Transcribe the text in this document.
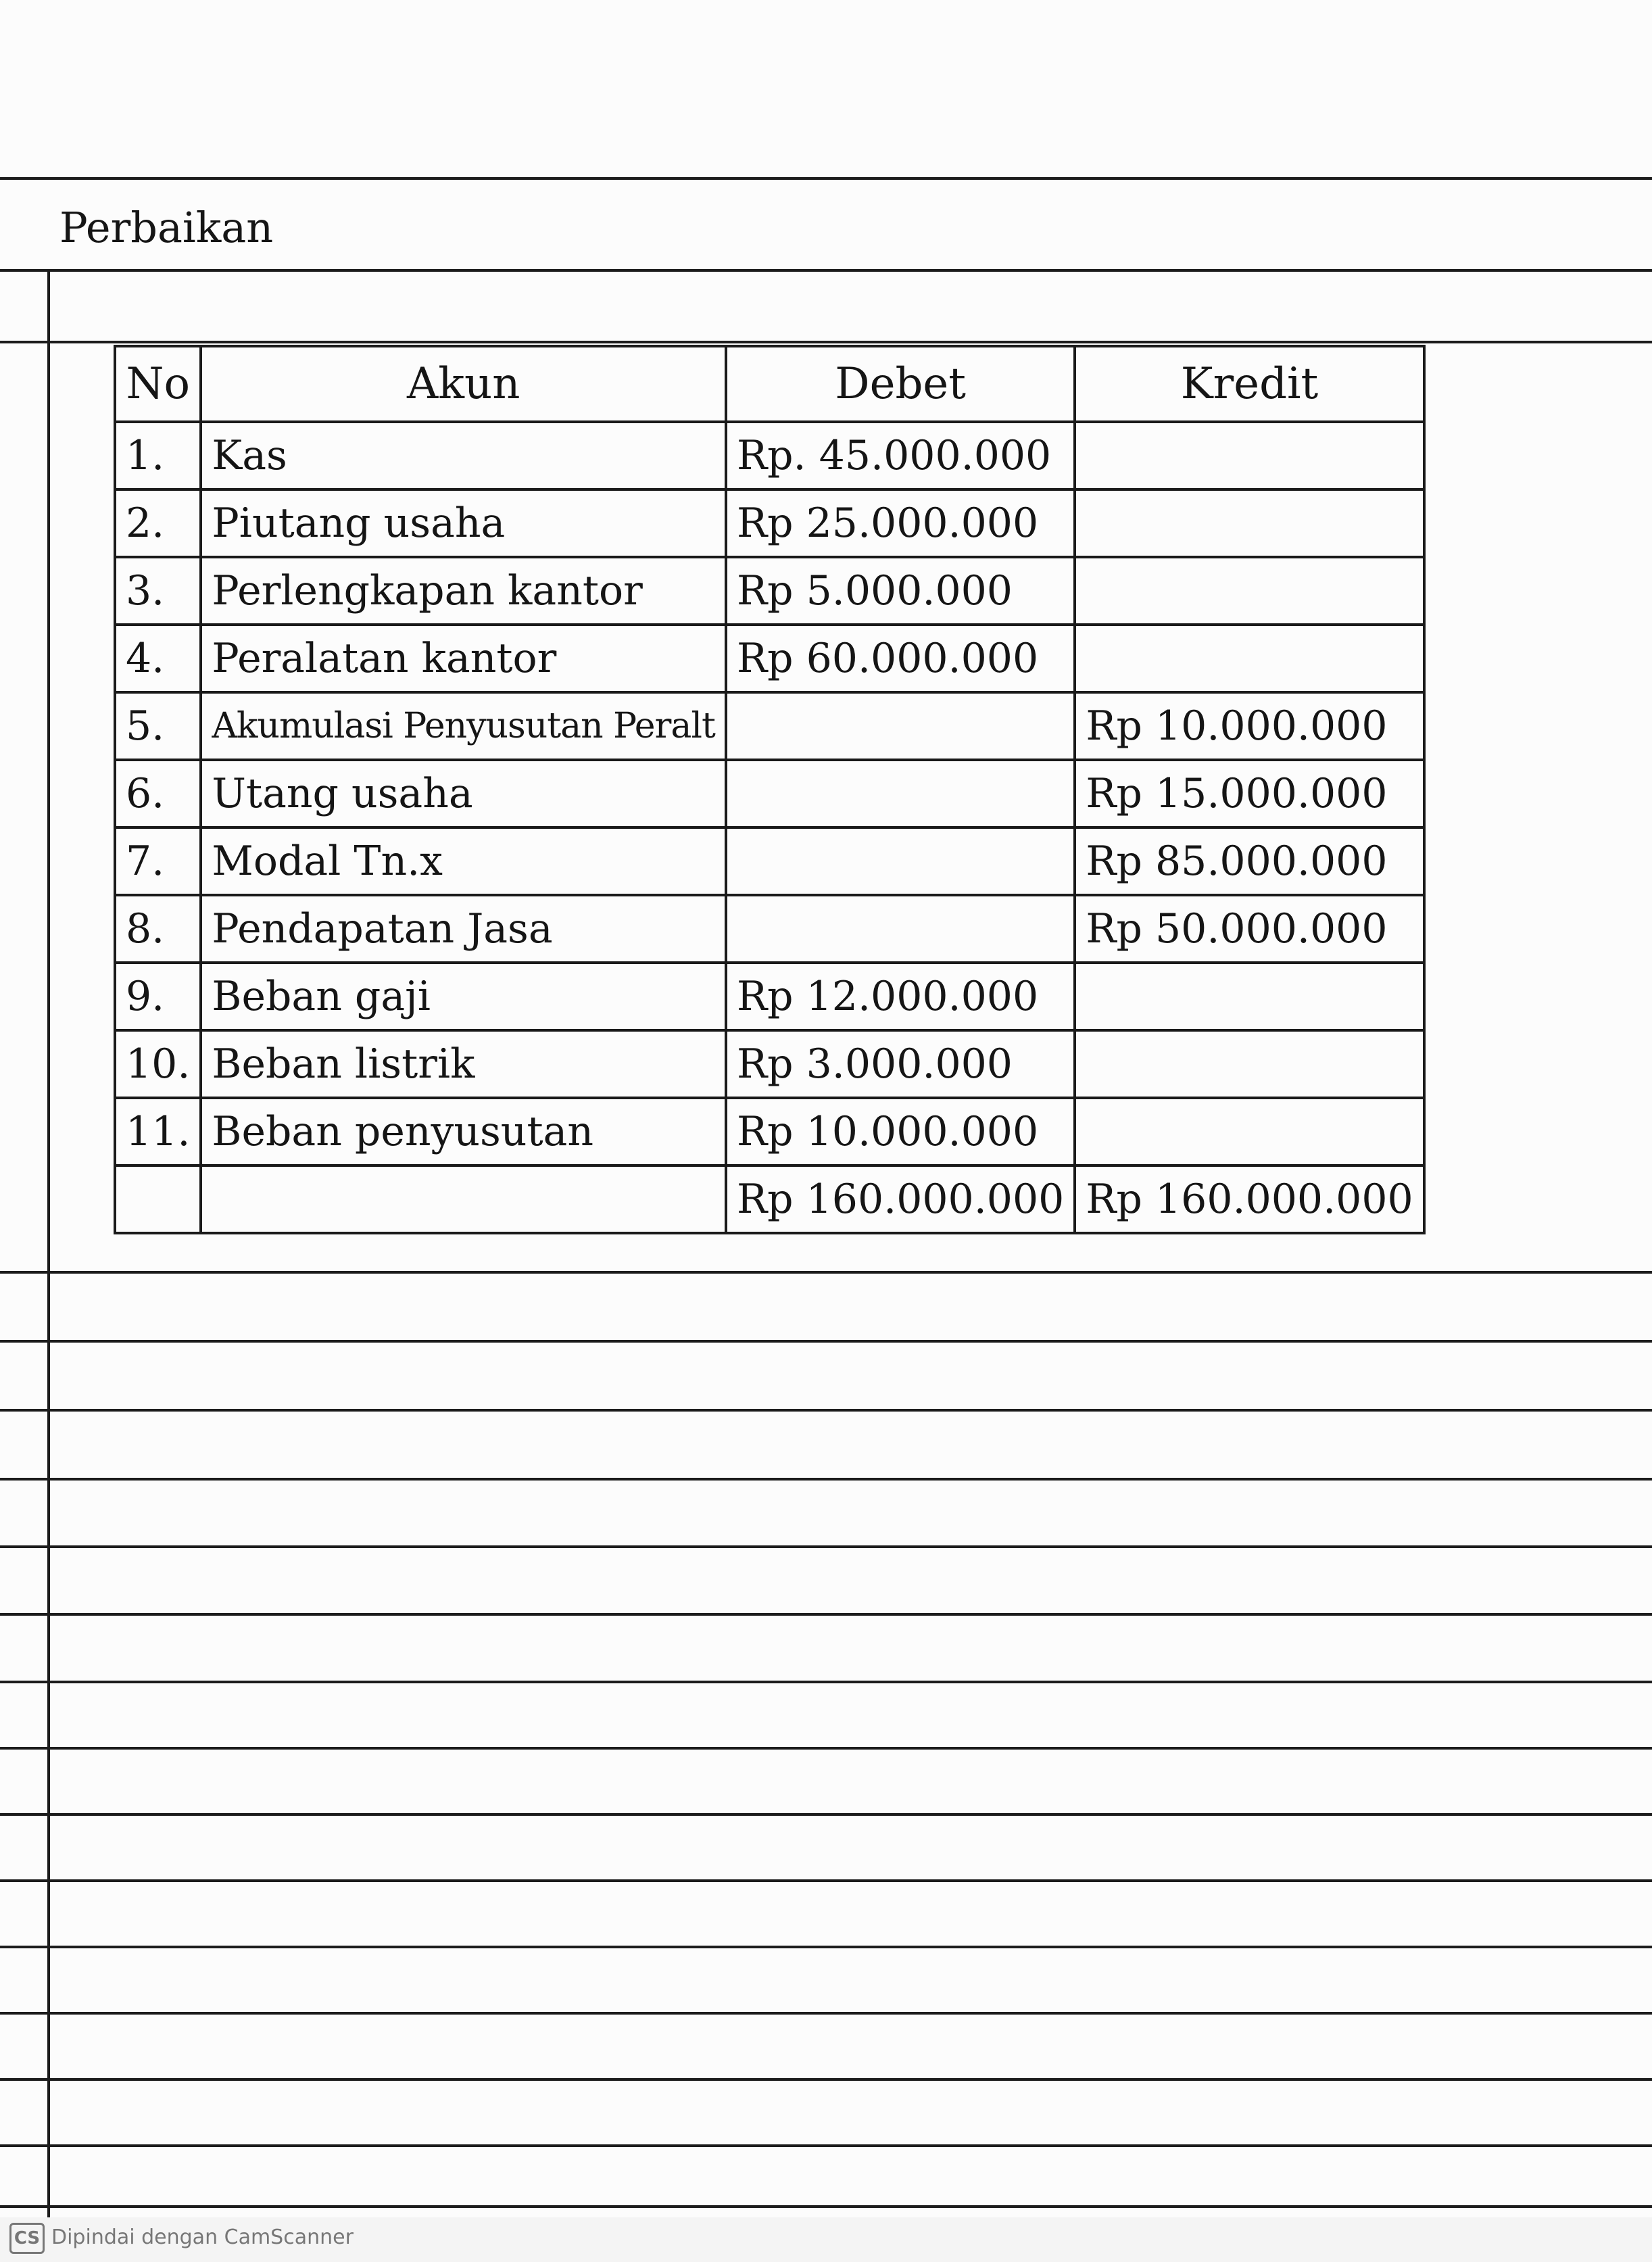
Perbaikan
No	Akun	Debet	Kredit
1.	Kas	Rp. 45.000.000	
2.	Piutang usaha	Rp 25.000.000	
3.	Perlengkapan kantor	Rp 5.000.000	
4.	Peralatan kantor	Rp 60.000.000	
5.	Akumulasi Penyusutan Peralt		Rp 10.000.000
6.	Utang usaha		Rp 15.000.000
7.	Modal Tn.x		Rp 85.000.000
8.	Pendapatan Jasa		Rp 50.000.000
9.	Beban gaji	Rp 12.000.000	
10.	Beban listrik	Rp 3.000.000	
11.	Beban penyusutan	Rp 10.000.000	
		Rp 160.000.000	Rp 160.000.000
CS Dipindai dengan CamScanner
